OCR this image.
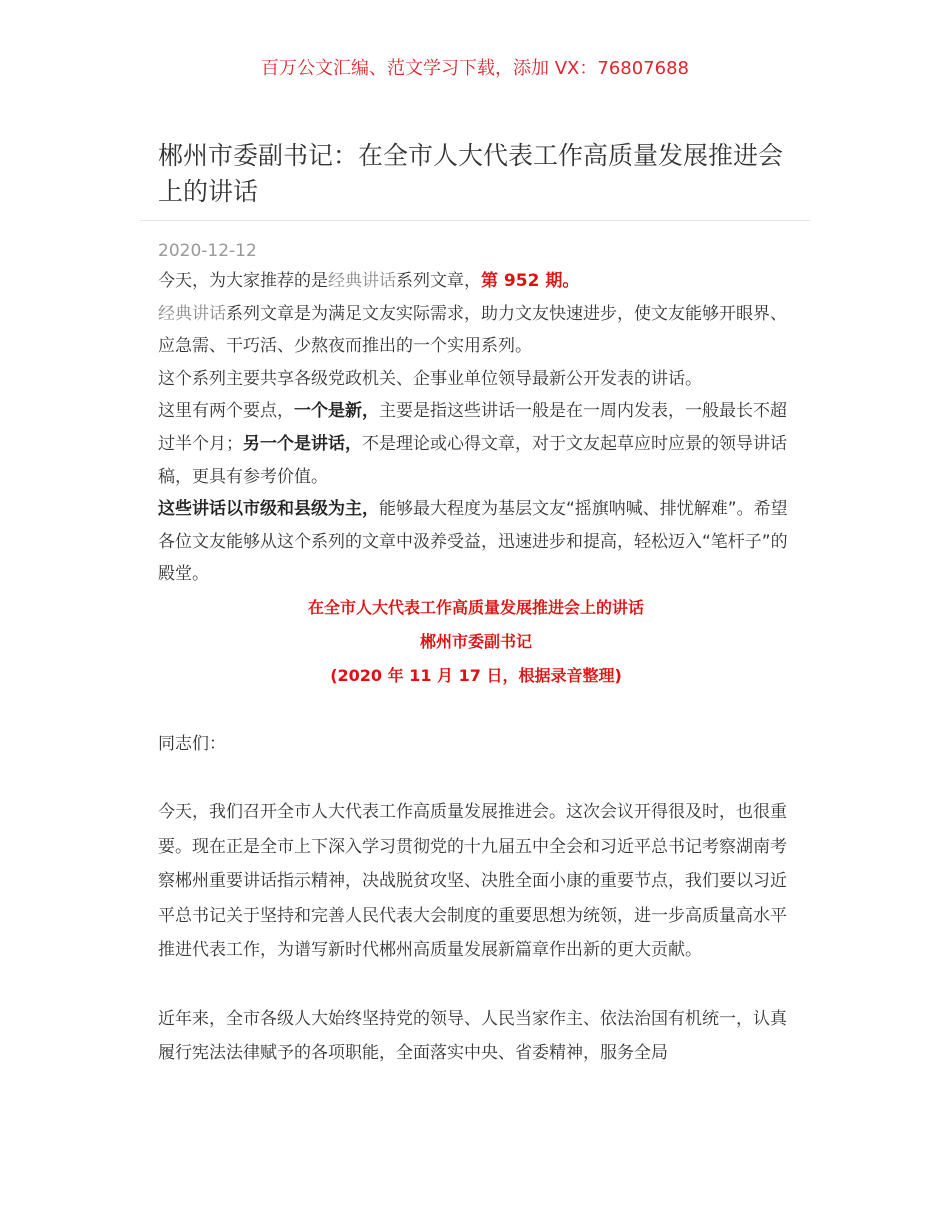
百万公文汇编、范文学习下载，添加 VX：76807688
郴州市委副书记：在全市人大代表工作高质量发展推进会上的讲话
2020-12-12

今天，为大家推荐的是经典讲话系列文章，第 952 期。

经典讲话系列文章是为满足文友实际需求，助力文友快速进步，使文友能够开眼界、应急需、干巧活、少熬夜而推出的一个实用系列。

这个系列主要共享各级党政机关、企事业单位领导最新公开发表的讲话。

这里有两个要点，一个是新，主要是指这些讲话一般是在一周内发表，一般最长不超过半个月；另一个是讲话，不是理论或心得文章，对于文友起草应时应景的领导讲话稿，更具有参考价值。

这些讲话以市级和县级为主，能够最大程度为基层文友“摇旗呐喊、排忧解难”。希望各位文友能够从这个系列的文章中汲养受益，迅速进步和提高，轻松迈入“笔杆子”的殿堂。

在全市人大代表工作高质量发展推进会上的讲话

郴州市委副书记

(2020 年 11 月 17 日，根据录音整理)

同志们：

今天，我们召开全市人大代表工作高质量发展推进会。这次会议开得很及时，也很重要。现在正是全市上下深入学习贯彻党的十九届五中全会和习近平总书记考察湖南考察郴州重要讲话指示精神，决战脱贫攻坚、决胜全面小康的重要节点，我们要以习近平总书记关于坚持和完善人民代表大会制度的重要思想为统领，进一步高质量高水平推进代表工作，为谱写新时代郴州高质量发展新篇章作出新的更大贡献。

近年来，全市各级人大始终坚持党的领导、人民当家作主、依法治国有机统一，认真履行宪法法律赋予的各项职能，全面落实中央、省委精神，服务全局
